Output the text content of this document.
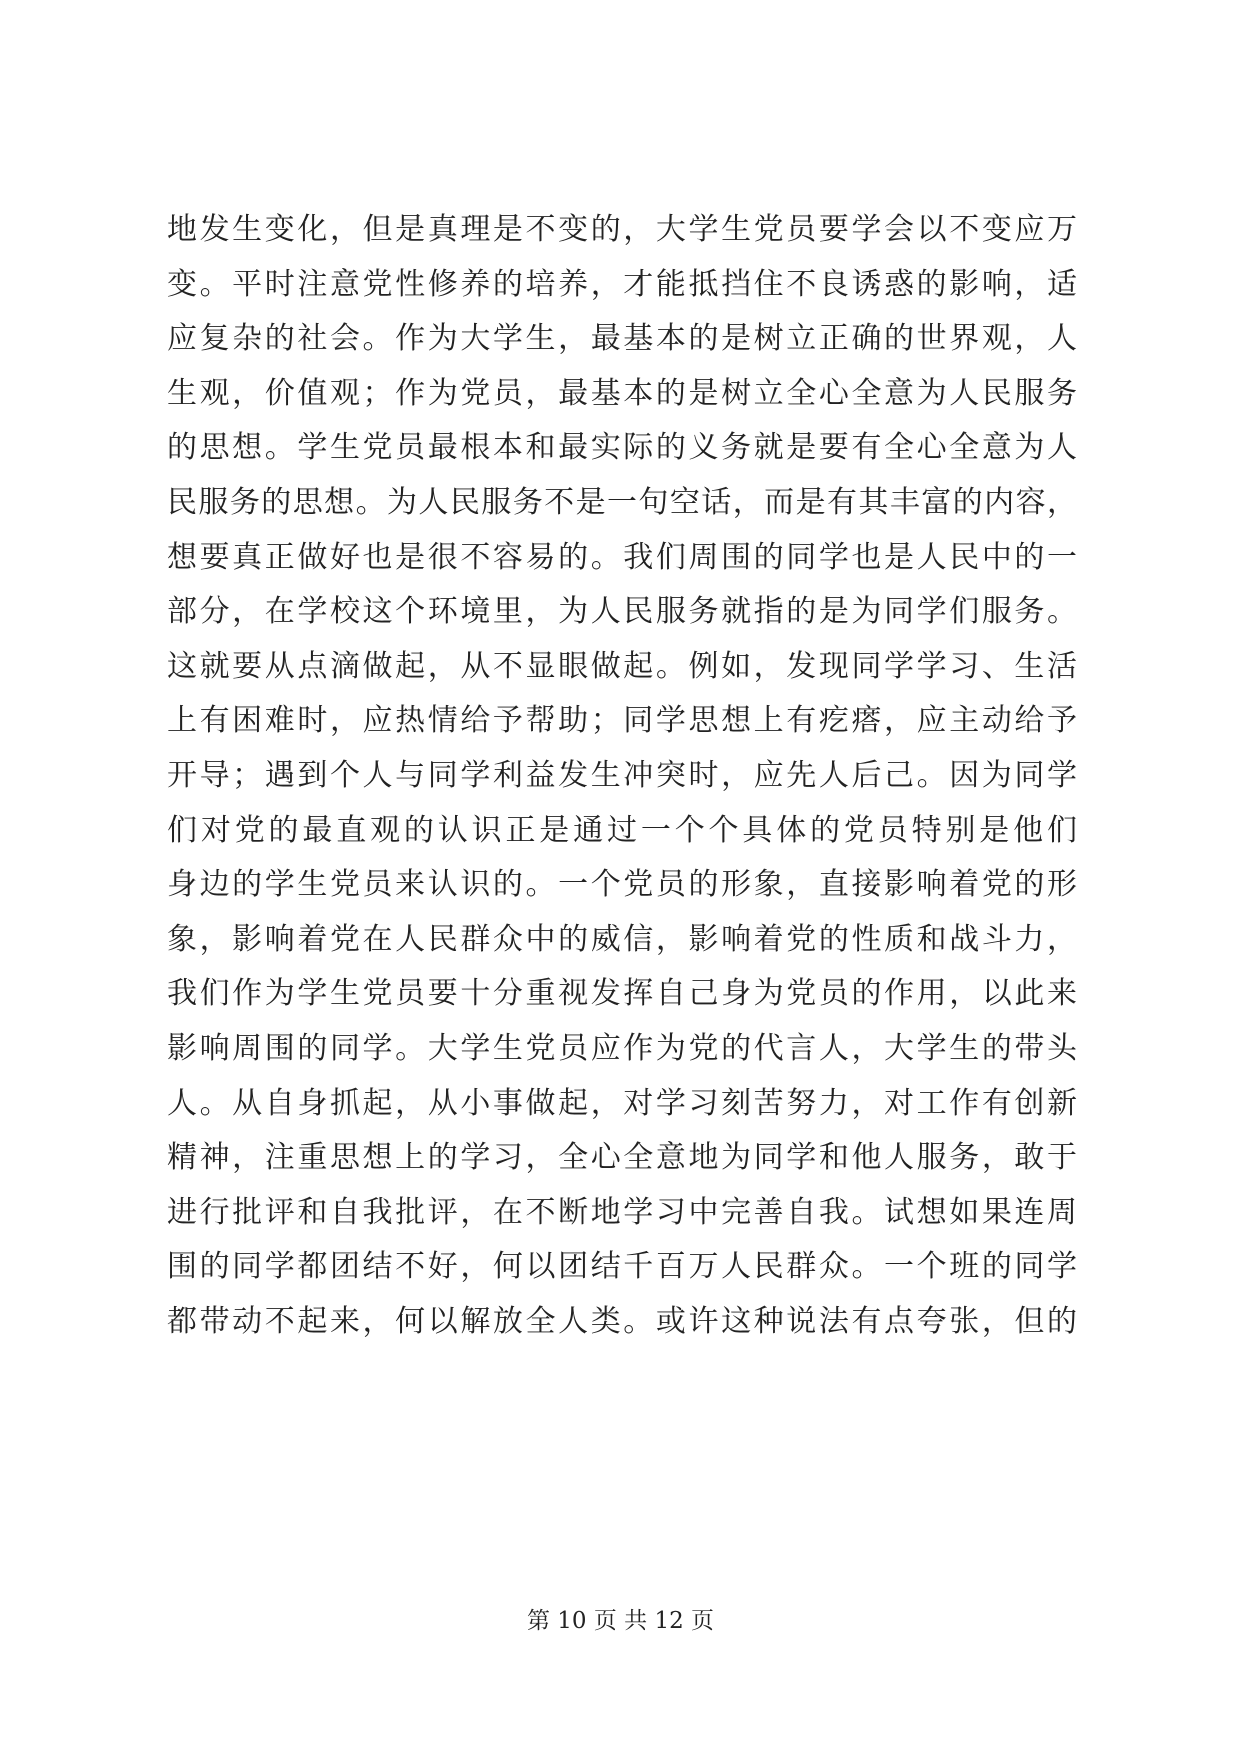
地发生变化，但是真理是不变的，大学生党员要学会以不变应万
变。平时注意党性修养的培养，才能抵挡住不良诱惑的影响，适
应复杂的社会。作为大学生，最基本的是树立正确的世界观，人
生观，价值观；作为党员，最基本的是树立全心全意为人民服务
的思想。学生党员最根本和最实际的义务就是要有全心全意为人
民服务的思想。为人民服务不是一句空话，而是有其丰富的内容，
想要真正做好也是很不容易的。我们周围的同学也是人民中的一
部分，在学校这个环境里，为人民服务就指的是为同学们服务。
这就要从点滴做起，从不显眼做起。例如，发现同学学习、生活
上有困难时，应热情给予帮助；同学思想上有疙瘩，应主动给予
开导；遇到个人与同学利益发生冲突时，应先人后己。因为同学
们对党的最直观的认识正是通过一个个具体的党员特别是他们
身边的学生党员来认识的。一个党员的形象，直接影响着党的形
象，影响着党在人民群众中的威信，影响着党的性质和战斗力，
我们作为学生党员要十分重视发挥自己身为党员的作用，以此来
影响周围的同学。大学生党员应作为党的代言人，大学生的带头
人。从自身抓起，从小事做起，对学习刻苦努力，对工作有创新
精神，注重思想上的学习，全心全意地为同学和他人服务，敢于
进行批评和自我批评，在不断地学习中完善自我。试想如果连周
围的同学都团结不好，何以团结千百万人民群众。一个班的同学
都带动不起来，何以解放全人类。或许这种说法有点夸张，但的
第 10 页 共 12 页
